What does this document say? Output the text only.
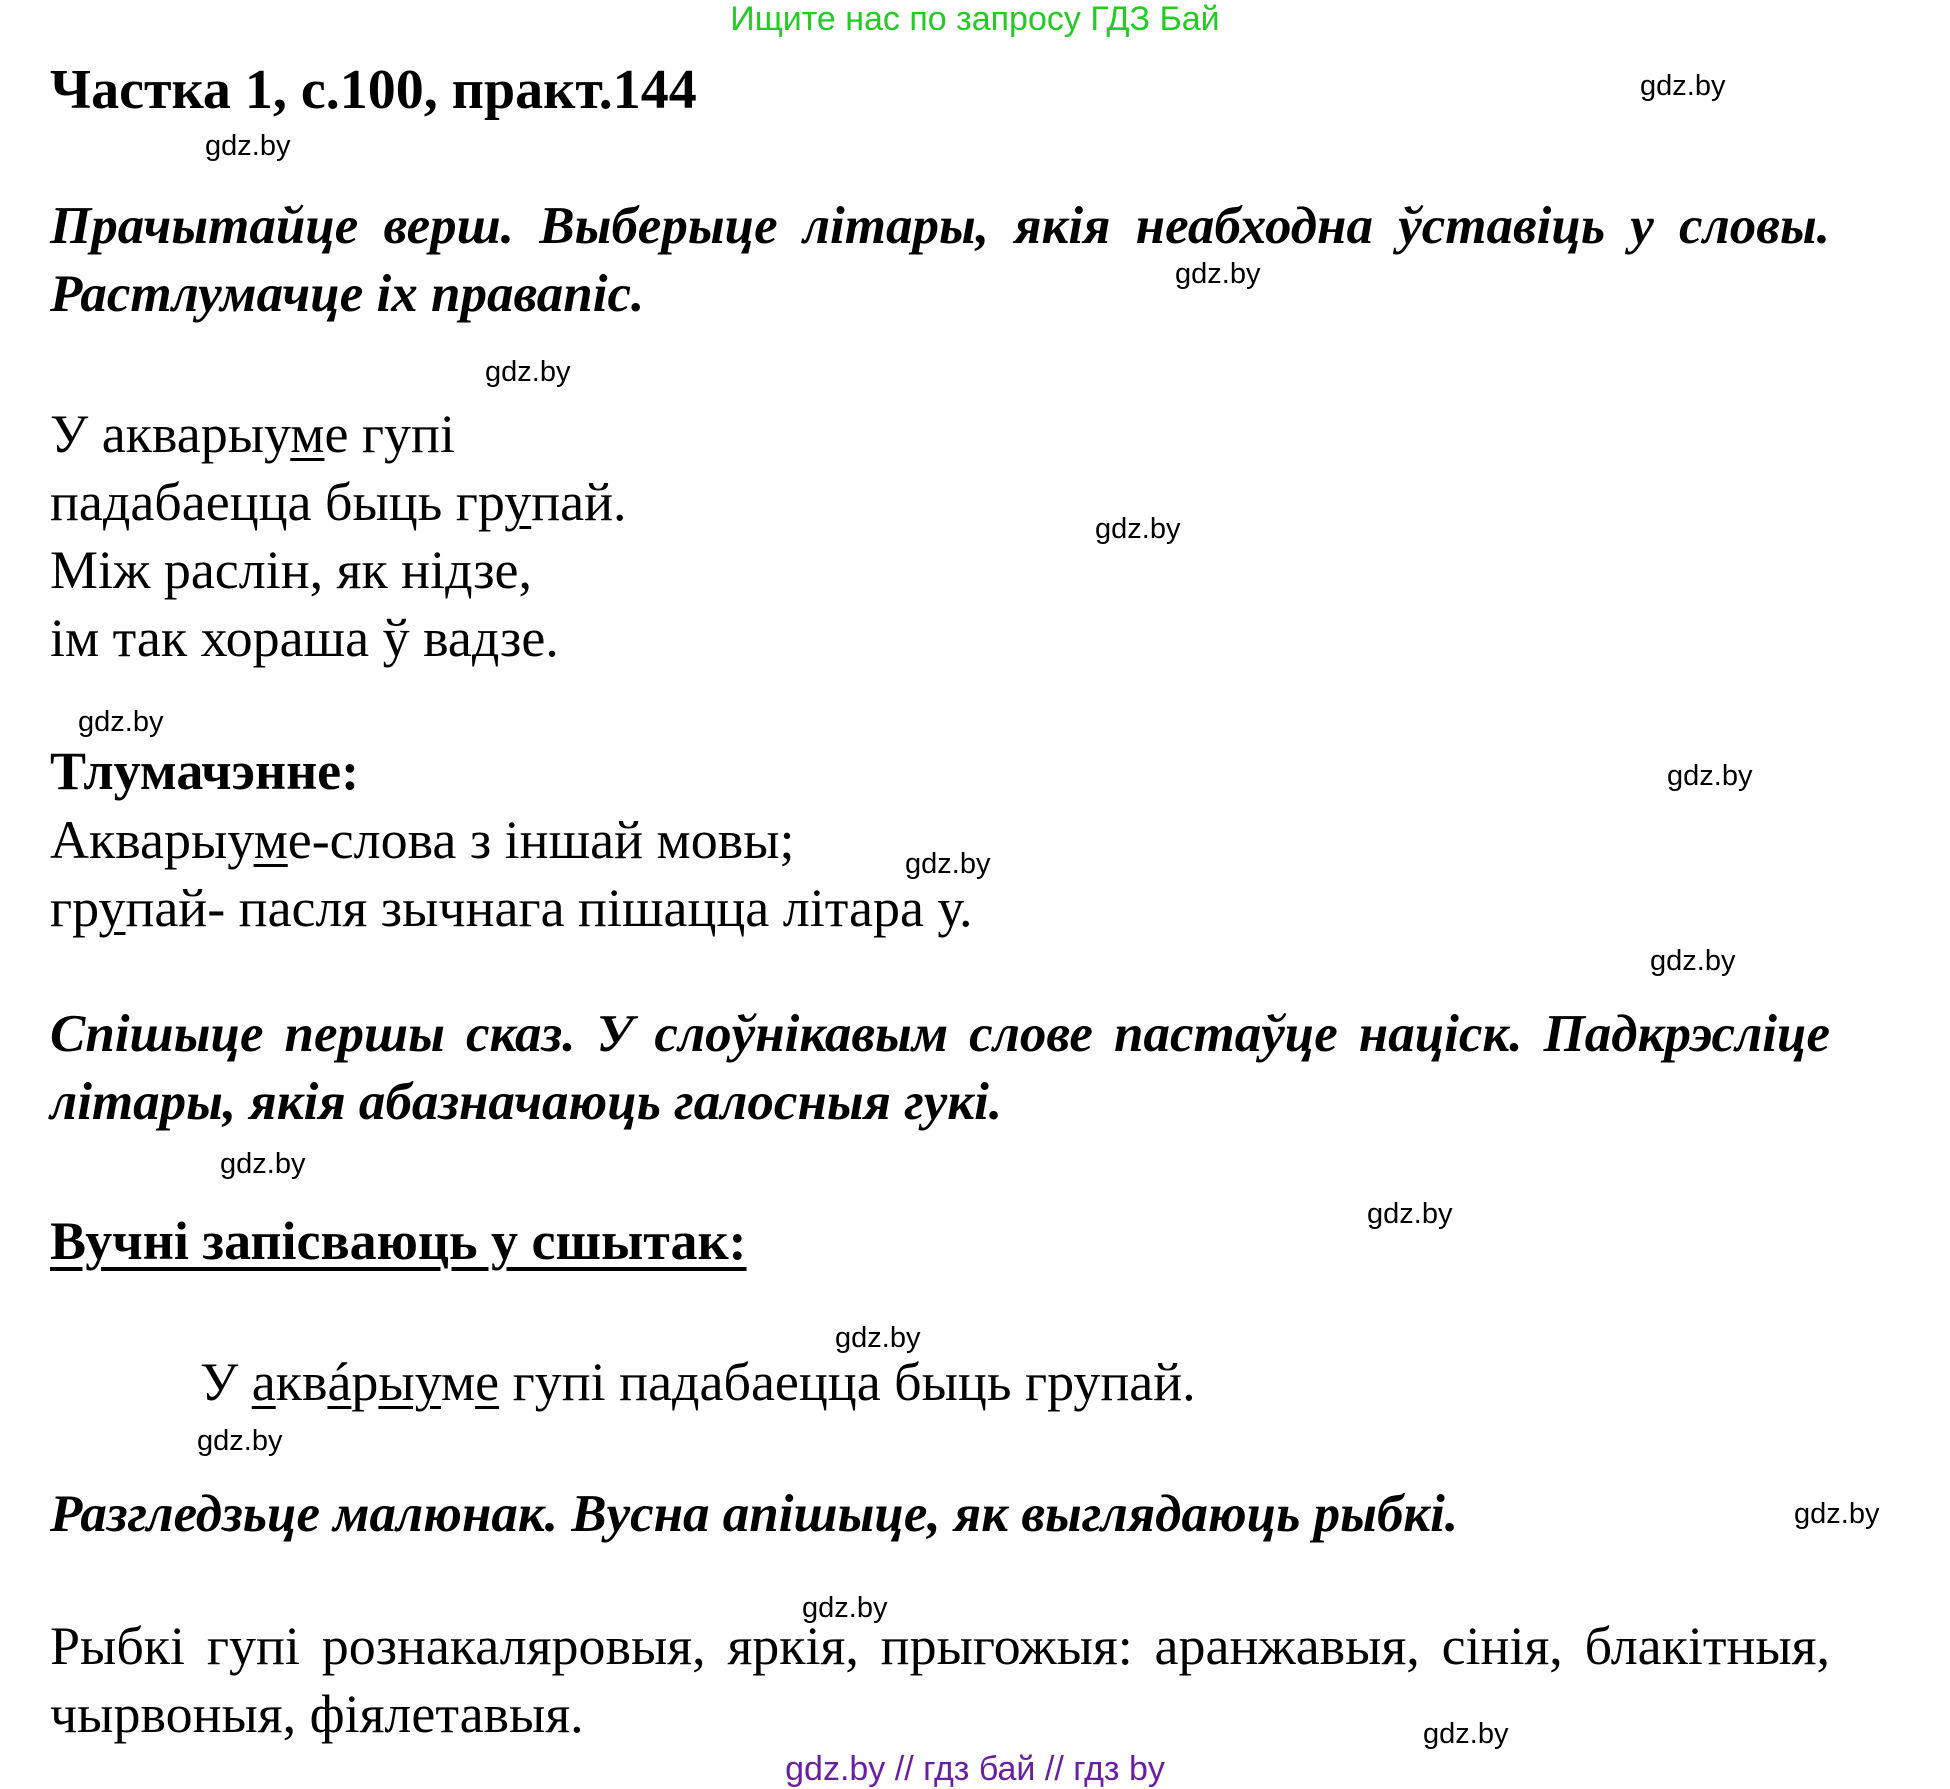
Ищите нас по запросу ГДЗ Бай
Частка 1, с.100, практ.144	gdz.by
gdz.by
gdz.by
gdz.by
gdz.by
gdz.by
gdz.by
gdz.by
gdz.by
gdz.by
gdz.by
gdz.by
gdz.by
gdz.by
gdz.by
gdz.by
Прачытайце верш. Выберыце літары, якія неабходна ўставіць у словы. Растлумачце іх правапіс.
У акварыуме гупі
падабаецца быць групай.
Між раслін, як нідзе,
ім так хораша ў вадзе.
Тлумачэнне:
Акварыуме-слова з іншай мовы;
групай- пасля зычнага пішацца літара у.
Спішыце першы сказ. У слоўнікавым слове пастаўце націск. Падкрэсліце літары, якія абазначаюць галосныя гукі.
Вучні запісваюць у сшытак:
У аквáрыуме гупі падабаецца быць групай.
Разгледзьце малюнак. Вусна апішыце, як выглядаюць рыбкі.
Рыбкі гупі рознакаляровыя, яркія, прыгожыя: аранжавыя, сінія, блакітныя, чырвоныя, фіялетавыя.
gdz.by // гдз бай // гдз by
